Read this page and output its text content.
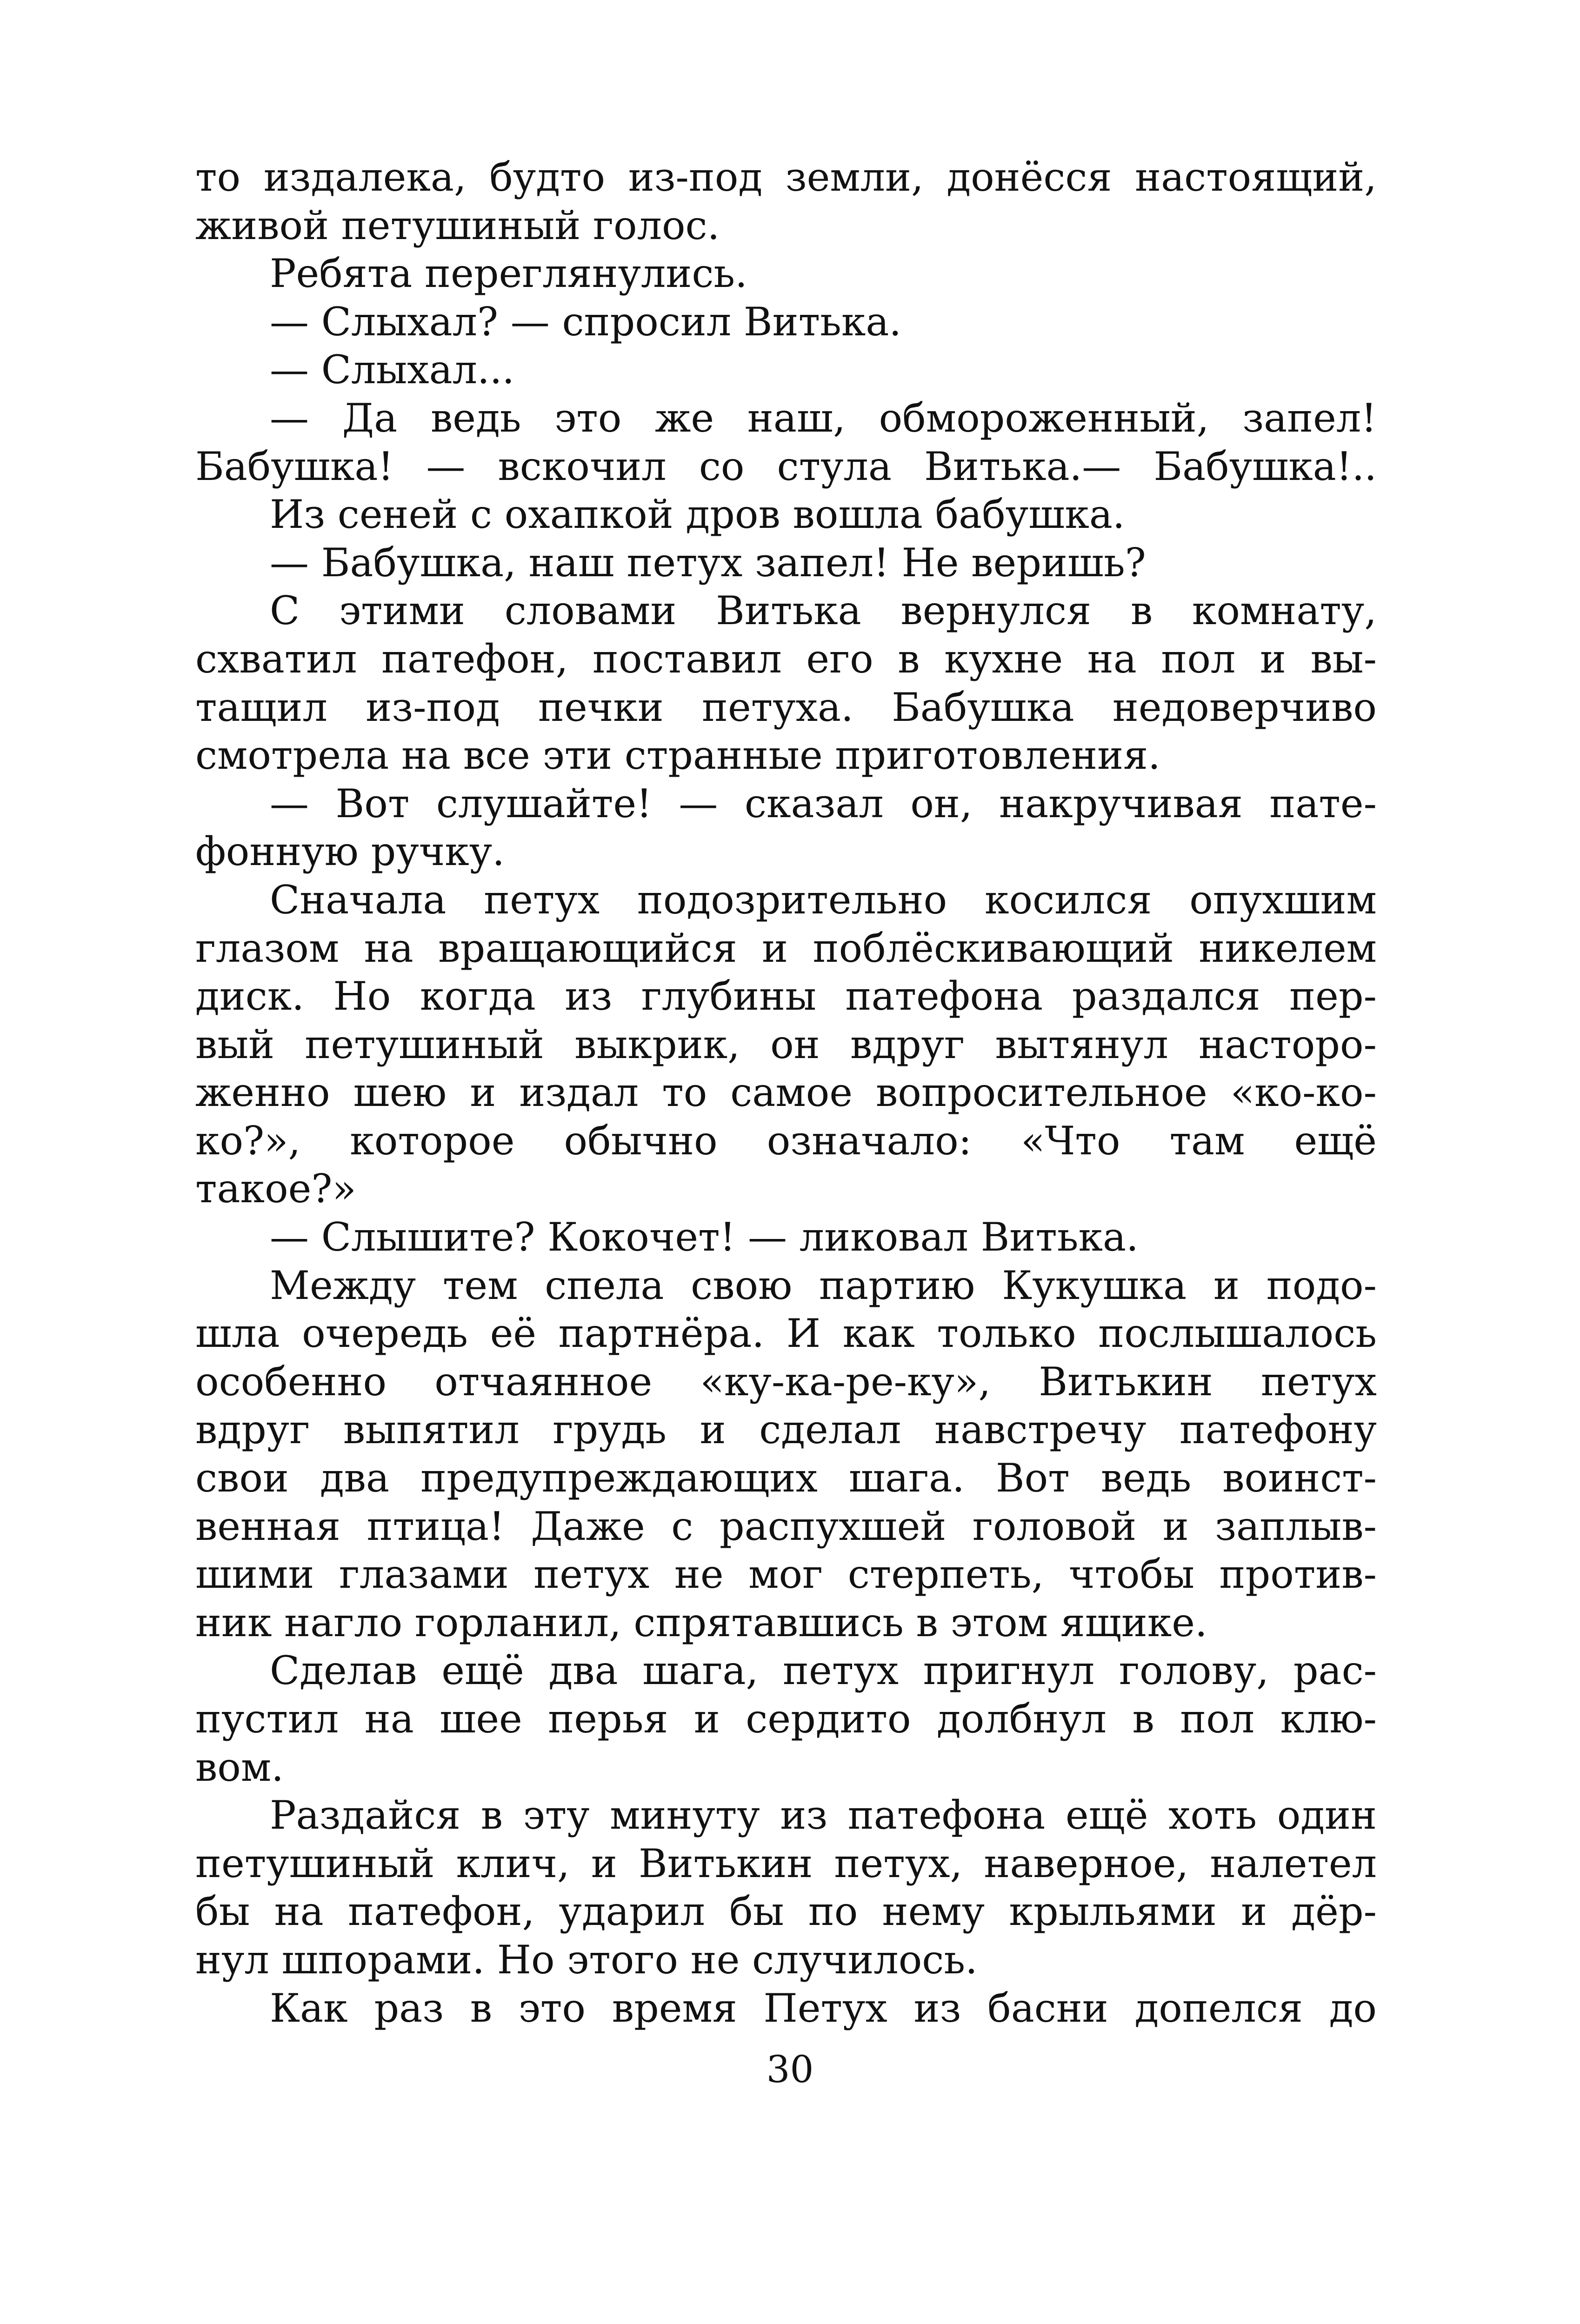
то издалека, будто из-под земли, донёсся настоящий,
живой петушиный голос.
Ребята переглянулись.
— Слыхал? — спросил Витька.
— Слыхал...
— Да ведь это же наш, обмороженный, запел!
Бабушка! — вскочил со стула Витька.— Бабушка!..
Из сеней с охапкой дров вошла бабушка.
— Бабушка, наш петух запел! Не веришь?
С этими словами Витька вернулся в комнату,
схватил патефон, поставил его в кухне на пол и вы-
тащил из-под печки петуха. Бабушка недоверчиво
смотрела на все эти странные приготовления.
— Вот слушайте! — сказал он, накручивая пате-
фонную ручку.
Сначала петух подозрительно косился опухшим
глазом на вращающийся и поблёскивающий никелем
диск. Но когда из глубины патефона раздался пер-
вый петушиный выкрик, он вдруг вытянул насторо-
женно шею и издал то самое вопросительное «ко-ко-
ко?», которое обычно означало: «Что там ещё
такое?»
— Слышите? Кокочет! — ликовал Витька.
Между тем спела свою партию Кукушка и подо-
шла очередь её партнёра. И как только послышалось
особенно отчаянное «ку-ка-ре-ку», Витькин петух
вдруг выпятил грудь и сделал навстречу патефону
свои два предупреждающих шага. Вот ведь воинст-
венная птица! Даже с распухшей головой и заплыв-
шими глазами петух не мог стерпеть, чтобы против-
ник нагло горланил, спрятавшись в этом ящике.
Сделав ещё два шага, петух пригнул голову, рас-
пустил на шее перья и сердито долбнул в пол клю-
вом.
Раздайся в эту минуту из патефона ещё хоть один
петушиный клич, и Витькин петух, наверное, налетел
бы на патефон, ударил бы по нему крыльями и дёр-
нул шпорами. Но этого не случилось.
Как раз в это время Петух из басни допелся до
30
